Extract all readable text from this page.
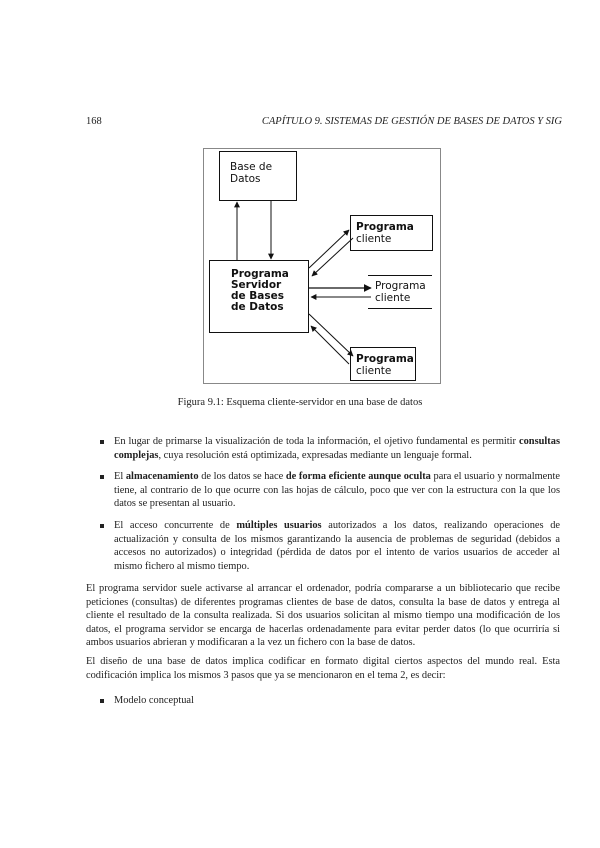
168	CAPÍTULO 9. SISTEMAS DE GESTIÓN DE BASES DE DATOS Y SIG
Base de
Datos
Programa
Servidor
de Bases
de Datos
Programa
cliente
Programa
cliente
Programa
cliente
Figura 9.1: Esquema cliente-servidor en una base de datos
En lugar de primarse la visualización de toda la información, el ojetivo fundamental es permitir consultas complejas, cuya resolución está optimizada, expresadas mediante un lenguaje formal.
El almacenamiento de los datos se hace de forma eficiente aunque oculta para el usuario y normalmente tiene, al contrario de lo que ocurre con las hojas de cálculo, poco que ver con la estructura con la que los datos se presentan al usuario.
El acceso concurrente de múltiples usuarios autorizados a los datos, realizando operaciones de actualización y consulta de los mismos garantizando la ausencia de problemas de seguridad (debidos a accesos no autorizados) o integridad (pérdida de datos por el intento de varios usuarios de acceder al mismo fichero al mismo tiempo.

El programa servidor suele activarse al arrancar el ordenador, podría compararse a un bibliotecario que recibe peticiones (consultas) de diferentes programas clientes de base de datos, consulta la base de datos y entrega al cliente el resultado de la consulta realizada. Si dos usuarios solicitan al mismo tiempo una modificación de los datos, el programa servidor se encarga de hacerlas ordenadamente para evitar perder datos (lo que ocurriría si ambos usuarios abrieran y modificaran a la vez un fichero con la base de datos.

El diseño de una base de datos implica codificar en formato digital ciertos aspectos del mundo real. Esta codificación implica los mismos 3 pasos que ya se mencionaron en el tema 2, es decir:

Modelo conceptual
